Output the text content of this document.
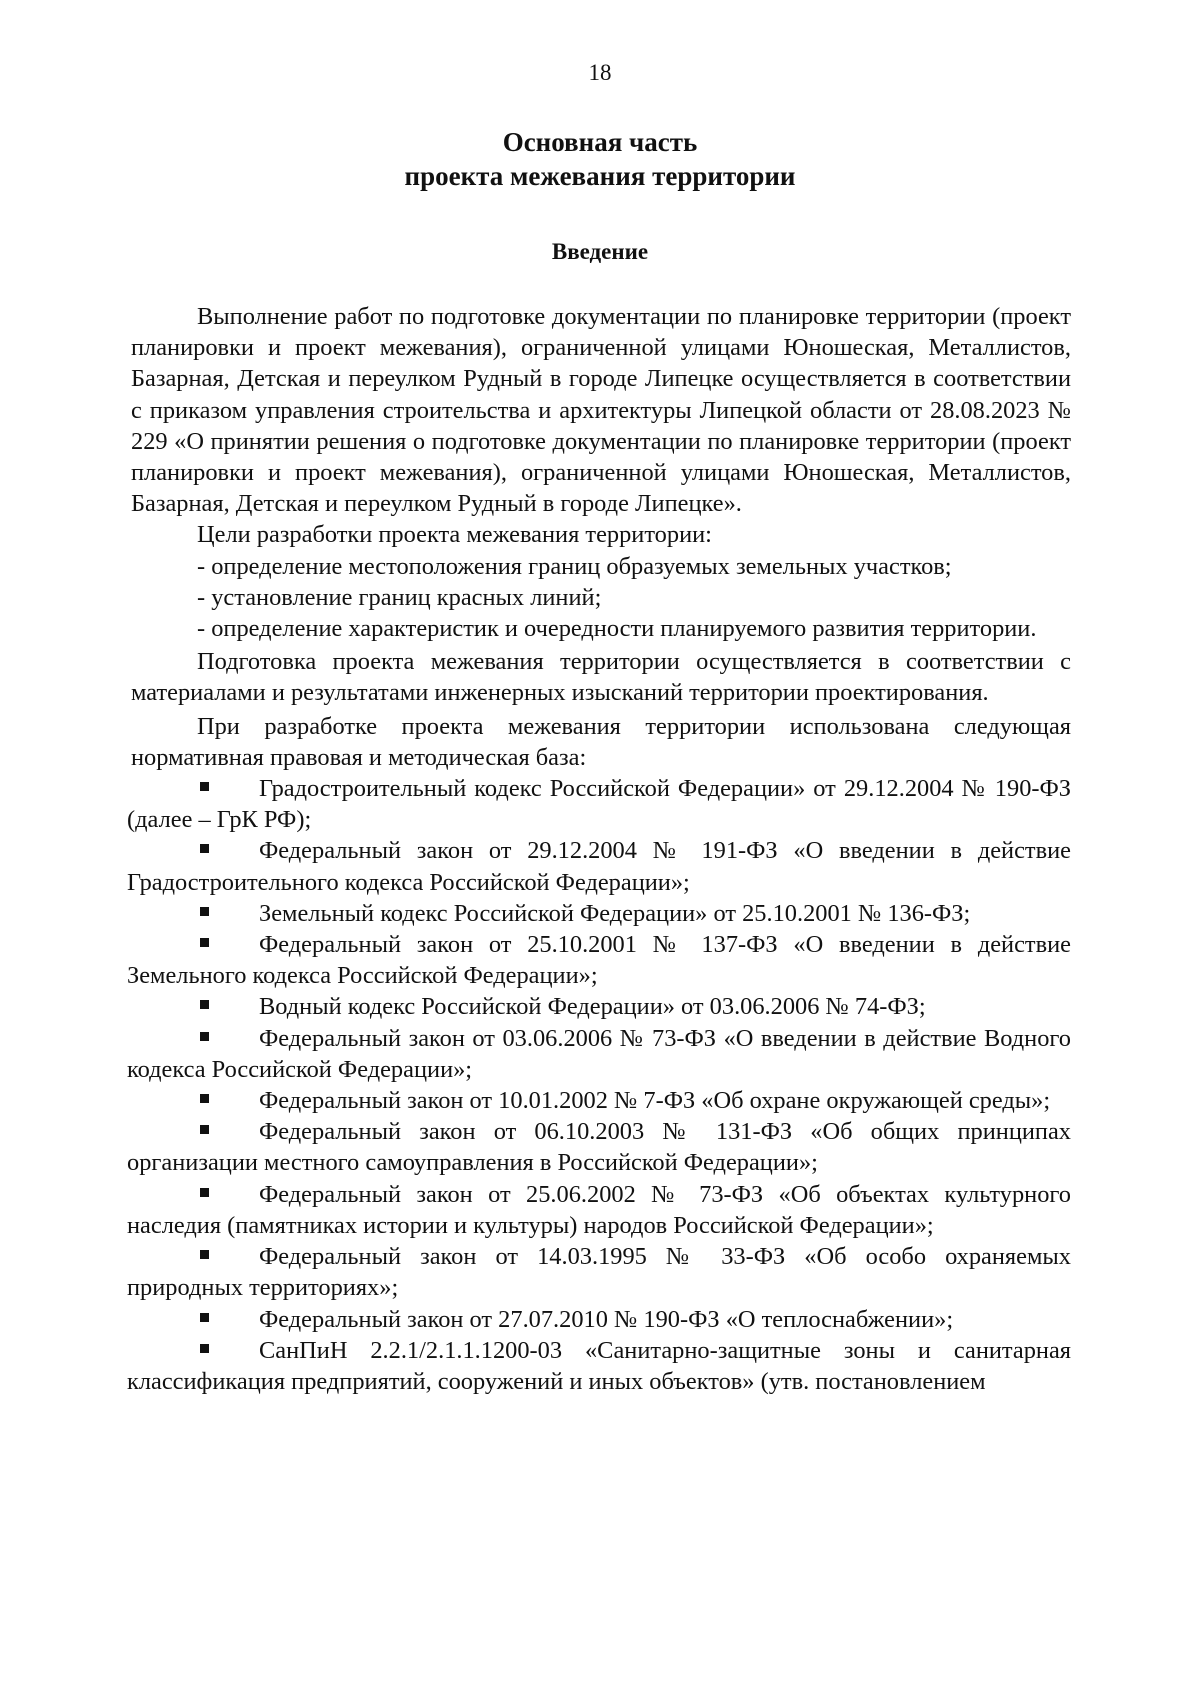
18

Основная часть
проекта межевания территории
Введение

Выполнение работ по подготовке документации по планировке территории (проект планировки и проект межевания), ограниченной улицами Юношеская, Металлистов, Базарная, Детская и переулком Рудный в городе Липецке осуществляется в соответствии с приказом управления строительства и архитектуры Липецкой области от 28.08.2023 № 229 «О принятии решения о подготовке документации по планировке территории (проект планировки и проект межевания), ограниченной улицами Юношеская, Металлистов, Базарная, Детская и переулком Рудный в городе Липецке».

Цели разработки проекта межевания территории:

- определение местоположения границ образуемых земельных участков;

- установление границ красных линий;

- определение характеристик и очередности планируемого развития территории.

Подготовка проекта межевания территории осуществляется в соответствии с материалами и результатами инженерных изысканий территории проектирования.

При разработке проекта межевания территории использована следующая нормативная правовая и методическая база:

Градостроительный кодекс Российской Федерации» от 29.12.2004 № 190-ФЗ (далее – ГрК РФ);
Федеральный закон от 29.12.2004 № 191-ФЗ «О введении в действие Градостроительного кодекса Российской Федерации»;
Земельный кодекс Российской Федерации» от 25.10.2001 № 136-ФЗ;
Федеральный закон от 25.10.2001 № 137-ФЗ «О введении в действие Земельного кодекса Российской Федерации»;
Водный кодекс Российской Федерации» от 03.06.2006 № 74-ФЗ;
Федеральный закон от 03.06.2006 № 73-ФЗ «О введении в действие Водного кодекса Российской Федерации»;
Федеральный закон от 10.01.2002 № 7-ФЗ «Об охране окружающей среды»;
Федеральный закон от 06.10.2003 № 131-ФЗ «Об общих принципах организации местного самоуправления в Российской Федерации»;
Федеральный закон от 25.06.2002 № 73-ФЗ «Об объектах культурного наследия (памятниках истории и культуры) народов Российской Федерации»;
Федеральный закон от 14.03.1995 № 33-ФЗ «Об особо охраняемых природных территориях»;
Федеральный закон от 27.07.2010 № 190-ФЗ «О теплоснабжении»;
СанПиН 2.2.1/2.1.1.1200-03 «Санитарно-защитные зоны и санитарная классификация предприятий, сооружений и иных объектов» (утв. постановлением
